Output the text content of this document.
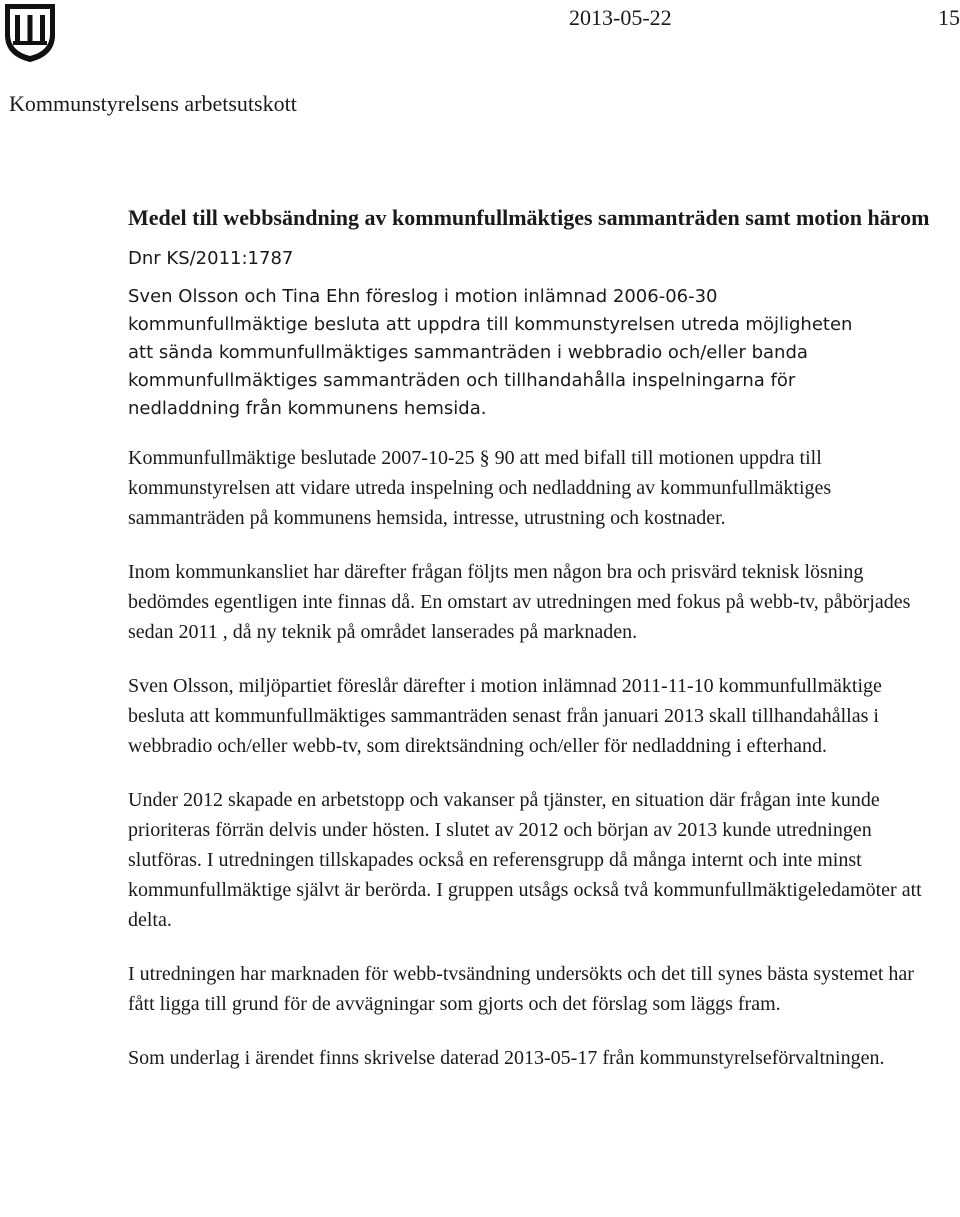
2013-05-22	15
Kommunstyrelsens arbetsutskott
Medel till webbsändning av kommunfullmäktiges sammanträden samt motion härom

Dnr KS/2011:1787

Sven Olsson och Tina Ehn föreslog i motion inlämnad 2006-06-30 kommunfullmäktige besluta att uppdra till kommunstyrelsen utreda möjligheten att sända kommunfullmäktiges sammanträden i webbradio och/eller banda kommunfullmäktiges sammanträden och tillhandahålla inspelningarna för nedladdning från kommunens hemsida.

Kommunfullmäktige beslutade 2007-10-25 § 90 att med bifall till motionen uppdra till kommunstyrelsen att vidare utreda inspelning och nedladdning av kommunfullmäktiges sammanträden på kommunens hemsida, intresse, utrustning och kostnader.

Inom kommunkansliet har därefter frågan följts men någon bra och prisvärd teknisk lösning bedömdes egentligen inte finnas då. En omstart av utredningen med fokus på webb-tv, påbörjades sedan 2011 , då ny teknik på området lanserades på marknaden.

Sven Olsson, miljöpartiet föreslår därefter i motion inlämnad 2011-11-10 kommunfullmäktige besluta att kommunfullmäktiges sammanträden senast från januari 2013 skall tillhandahållas i webbradio och/eller webb-tv, som direktsändning och/eller för nedladdning i efterhand.

Under 2012 skapade en arbetstopp och vakanser på tjänster, en situation där frågan inte kunde prioriteras förrän delvis under hösten. I slutet av 2012 och början av 2013 kunde utredningen slutföras. I utredningen tillskapades också en referensgrupp då många internt och inte minst kommunfullmäktige självt är berörda. I gruppen utsågs också två kommunfullmäktigeledamöter att delta.

I utredningen har marknaden för webb-tvsändning undersökts och det till synes bästa systemet har fått ligga till grund för de avvägningar som gjorts och det förslag som läggs fram.

Som underlag i ärendet finns skrivelse daterad 2013-05-17 från kommunstyrelseförvaltningen.
